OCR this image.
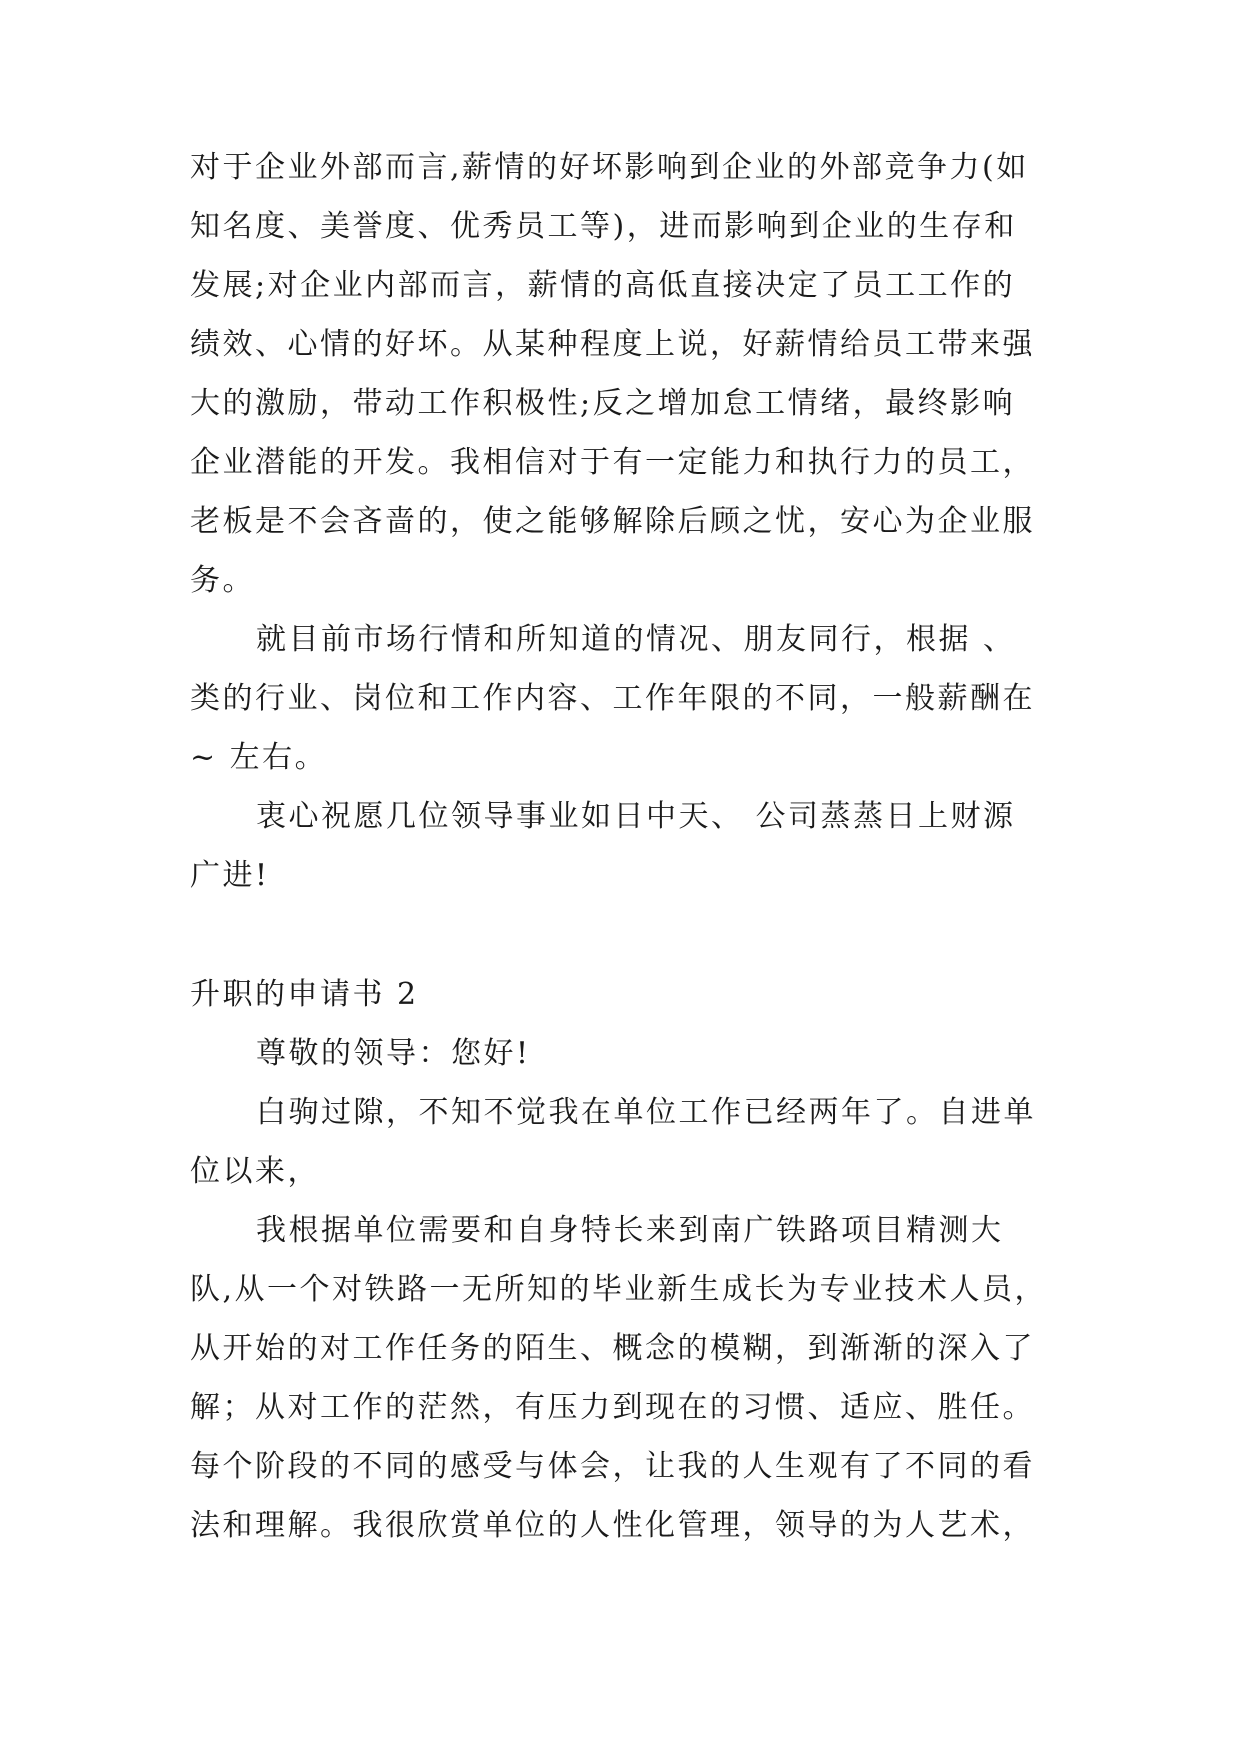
对于企业外部而言,薪情的好坏影响到企业的外部竞争力(如
知名度、美誉度、优秀员工等)，进而影响到企业的生存和
发展;对企业内部而言，薪情的高低直接决定了员工工作的
绩效、心情的好坏。从某种程度上说，好薪情给员工带来强
大的激励，带动工作积极性;反之增加怠工情绪，最终影响
企业潜能的开发。我相信对于有一定能力和执行力的员工，
老板是不会吝啬的，使之能够解除后顾之忧，安心为企业服
务。
就目前市场行情和所知道的情况、朋友同行，根据 、
类的行业、岗位和工作内容、工作年限的不同，一般薪酬在
~ 左右。
衷心祝愿几位领导事业如日中天、 公司蒸蒸日上财源
广进!
升职的申请书 2
尊敬的领导：您好!
白驹过隙，不知不觉我在单位工作已经两年了。自进单
位以来，
我根据单位需要和自身特长来到南广铁路项目精测大
队,从一个对铁路一无所知的毕业新生成长为专业技术人员，
从开始的对工作任务的陌生、概念的模糊，到渐渐的深入了
解；从对工作的茫然，有压力到现在的习惯、适应、胜任。
每个阶段的不同的感受与体会，让我的人生观有了不同的看
法和理解。我很欣赏单位的人性化管理，领导的为人艺术，
